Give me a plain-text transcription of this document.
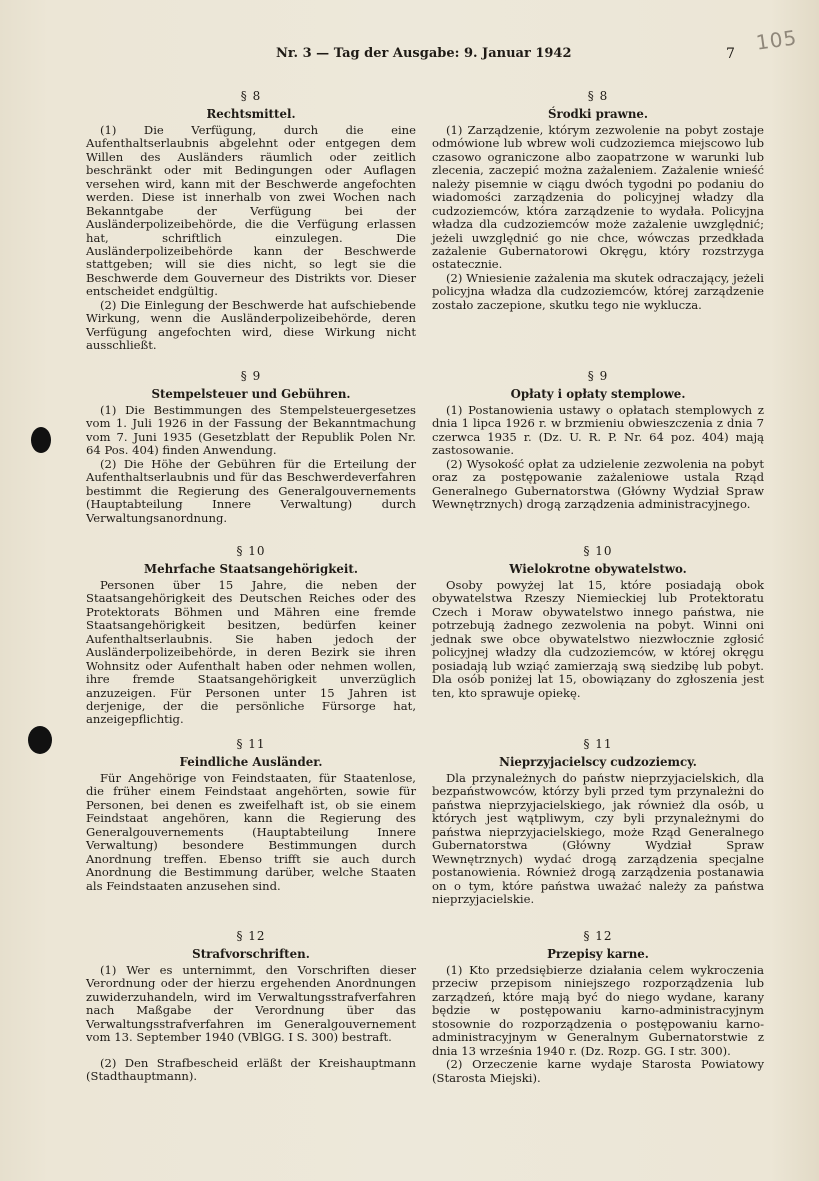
Nr. 3 — Tag der Ausgabe: 9. Januar 1942	7 105
§ 8
Rechtsmittel.

(1) Die Verfügung, durch die eine Aufenthaltserlaubnis abgelehnt oder entgegen dem Willen des Ausländers räumlich oder zeitlich beschränkt oder mit Bedingungen oder Auflagen versehen wird, kann mit der Beschwerde angefochten werden. Diese ist innerhalb von zwei Wochen nach Bekanntgabe der Verfügung bei der Ausländerpolizeibehörde, die die Verfügung erlassen hat, schriftlich einzulegen. Die Ausländerpolizeibehörde kann der Beschwerde stattgeben; will sie dies nicht, so legt sie die Beschwerde dem Gouverneur des Distrikts vor. Dieser entscheidet endgültig.

(2) Die Einlegung der Beschwerde hat aufschiebende Wirkung, wenn die Ausländerpolizeibehörde, deren Verfügung angefochten wird, diese Wirkung nicht ausschließt.

§ 9
Stempelsteuer und Gebühren.

(1) Die Bestimmungen des Stempelsteuergesetzes vom 1. Juli 1926 in der Fassung der Bekanntmachung vom 7. Juni 1935 (Gesetzblatt der Republik Polen Nr. 64 Pos. 404) finden Anwendung.

(2) Die Höhe der Gebühren für die Erteilung der Aufenthaltserlaubnis und für das Beschwerdeverfahren bestimmt die Regierung des Generalgouvernements (Hauptabteilung Innere Verwaltung) durch Verwaltungsanordnung.

§ 10
Mehrfache Staatsangehörigkeit.

Personen über 15 Jahre, die neben der Staatsangehörigkeit des Deutschen Reiches oder des Protektorats Böhmen und Mähren eine fremde Staatsangehörigkeit besitzen, bedürfen keiner Aufenthaltserlaubnis. Sie haben jedoch der Ausländerpolizeibehörde, in deren Bezirk sie ihren Wohnsitz oder Aufenthalt haben oder nehmen wollen, ihre fremde Staatsangehörigkeit unverzüglich anzuzeigen. Für Personen unter 15 Jahren ist derjenige, der die persönliche Fürsorge hat, anzeigepflichtig.

§ 11
Feindliche Ausländer.

Für Angehörige von Feindstaaten, für Staatenlose, die früher einem Feindstaat angehörten, sowie für Personen, bei denen es zweifelhaft ist, ob sie einem Feindstaat angehören, kann die Regierung des Generalgouvernements (Hauptabteilung Innere Verwaltung) besondere Bestimmungen durch Anordnung treffen. Ebenso trifft sie auch durch Anordnung die Bestimmung darüber, welche Staaten als Feindstaaten anzusehen sind.

§ 12
Strafvorschriften.

(1) Wer es unternimmt, den Vorschriften dieser Verordnung oder der hierzu ergehenden Anordnungen zuwiderzuhandeln, wird im Verwaltungsstrafverfahren nach Maßgabe der Verordnung über das Verwaltungsstrafverfahren im Generalgouvernement vom 13. September 1940 (VBlGG. I S. 300) bestraft.

(2) Den Strafbescheid erläßt der Kreishauptmann (Stadthauptmann).

§ 8
Środki prawne.

(1) Zarządzenie, którym zezwolenie na pobyt zostaje odmówione lub wbrew woli cudzoziemca miejscowo lub czasowo ograniczone albo zaopatrzone w warunki lub zlecenia, zaczepić można zażaleniem. Zażalenie wnieść należy pisemnie w ciągu dwóch tygodni po podaniu do wiadomości zarządzenia do policyjnej władzy dla cudzoziemców, która zarządzenie to wydała. Policyjna władza dla cudzoziemców może zażalenie uwzględnić; jeżeli uwzględnić go nie chce, wówczas przedkłada zażalenie Gubernatorowi Okręgu, który rozstrzyga ostatecznie.

(2) Wniesienie zażalenia ma skutek odraczający, jeżeli policyjna władza dla cudzoziemców, której zarządzenie zostało zaczepione, skutku tego nie wyklucza.

§ 9
Opłaty i opłaty stemplowe.

(1) Postanowienia ustawy o opłatach stemplowych z dnia 1 lipca 1926 r. w brzmieniu obwieszczenia z dnia 7 czerwca 1935 r. (Dz. U. R. P. Nr. 64 poz. 404) mają zastosowanie.

(2) Wysokość opłat za udzielenie zezwolenia na pobyt oraz za postępowanie zażaleniowe ustala Rząd Generalnego Gubernatorstwa (Główny Wydział Spraw Wewnętrznych) drogą zarządzenia administracyjnego.

§ 10
Wielokrotne obywatelstwo.

Osoby powyżej lat 15, które posiadają obok obywatelstwa Rzeszy Niemieckiej lub Protektoratu Czech i Moraw obywatelstwo innego państwa, nie potrzebują żadnego zezwolenia na pobyt. Winni oni jednak swe obce obywatelstwo niezwłocznie zgłosić policyjnej władzy dla cudzoziemców, w której okręgu posiadają lub wziąć zamierzają swą siedzibę lub pobyt. Dla osób poniżej lat 15, obowiązany do zgłoszenia jest ten, kto sprawuje opiekę.

§ 11
Nieprzyjacielscy cudzoziemcy.

Dla przynależnych do państw nieprzyjacielskich, dla bezpaństwowców, którzy byli przed tym przynależni do państwa nieprzyjacielskiego, jak również dla osób, u których jest wątpliwym, czy byli przynależnymi do państwa nieprzyjacielskiego, może Rząd Generalnego Gubernatorstwa (Główny Wydział Spraw Wewnętrznych) wydać drogą zarządzenia specjalne postanowienia. Również drogą zarządzenia postanawia on o tym, które państwa uważać należy za państwa nieprzyjacielskie.

§ 12
Przepisy karne.

(1) Kto przedsiębierze działania celem wykroczenia przeciw przepisom niniejszego rozporządzenia lub zarządzeń, które mają być do niego wydane, karany będzie w postępowaniu karno-administracyjnym stosownie do rozporządzenia o postępowaniu karno-administracyjnym w Generalnym Gubernatorstwie z dnia 13 września 1940 r. (Dz. Rozp. GG. I str. 300).

(2) Orzeczenie karne wydaje Starosta Powiatowy (Starosta Miejski).
